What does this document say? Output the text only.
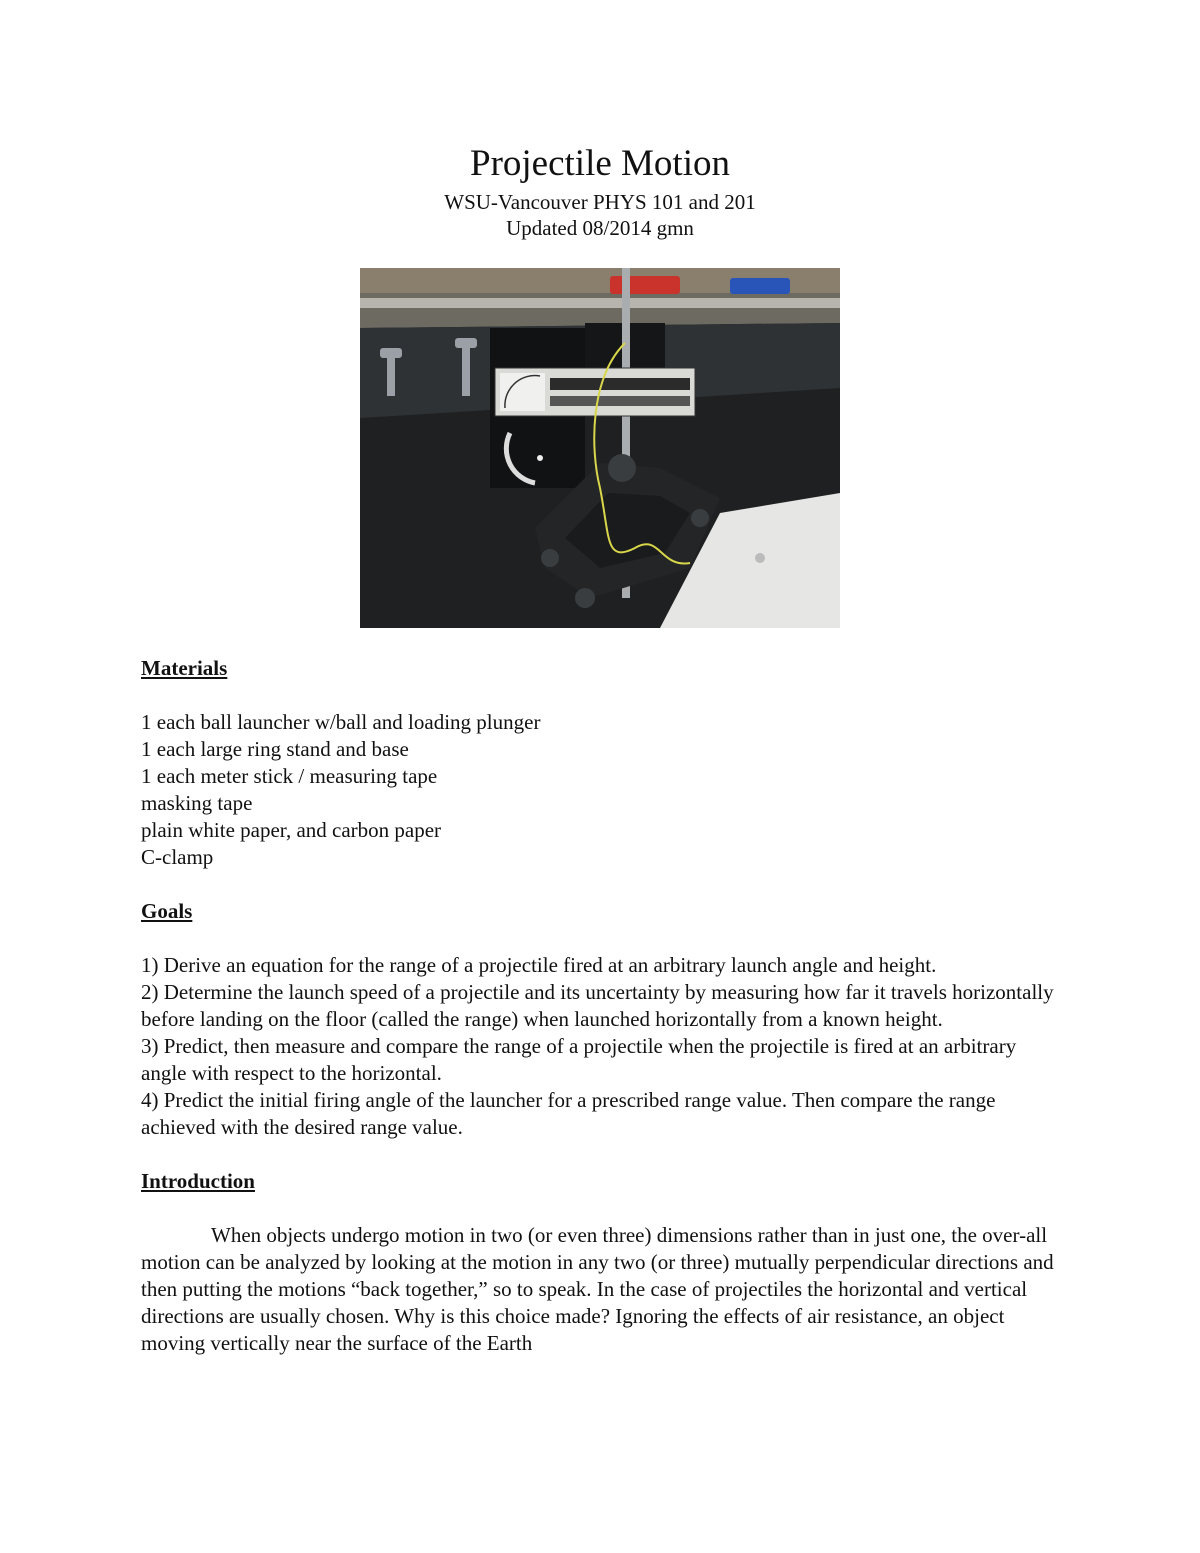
Projectile Motion

WSU-Vancouver PHYS 101 and 201

Updated 08/2014 gmn

Materials

1 each ball launcher w/ball and loading plunger

1 each large ring stand and base

1 each meter stick / measuring tape

masking tape

plain white paper, and carbon paper

C-clamp

Goals

1) Derive an equation for the range of a projectile fired at an arbitrary launch angle and height.

2) Determine the launch speed of a projectile and its uncertainty by measuring how far it travels horizontally before landing on the floor (called the range) when launched horizontally from a known height.

3) Predict, then measure and compare the range of a projectile when the projectile is fired at an arbitrary angle with respect to the horizontal.

4) Predict the initial firing angle of the launcher for a prescribed range value. Then compare the range achieved with the desired range value.

Introduction

When objects undergo motion in two (or even three) dimensions rather than in just one, the over-all motion can be analyzed by looking at the motion in any two (or three) mutually perpendicular directions and then putting the motions “back together,” so to speak. In the case of projectiles the horizontal and vertical directions are usually chosen. Why is this choice made? Ignoring the effects of air resistance, an object moving vertically near the surface of the Earth
